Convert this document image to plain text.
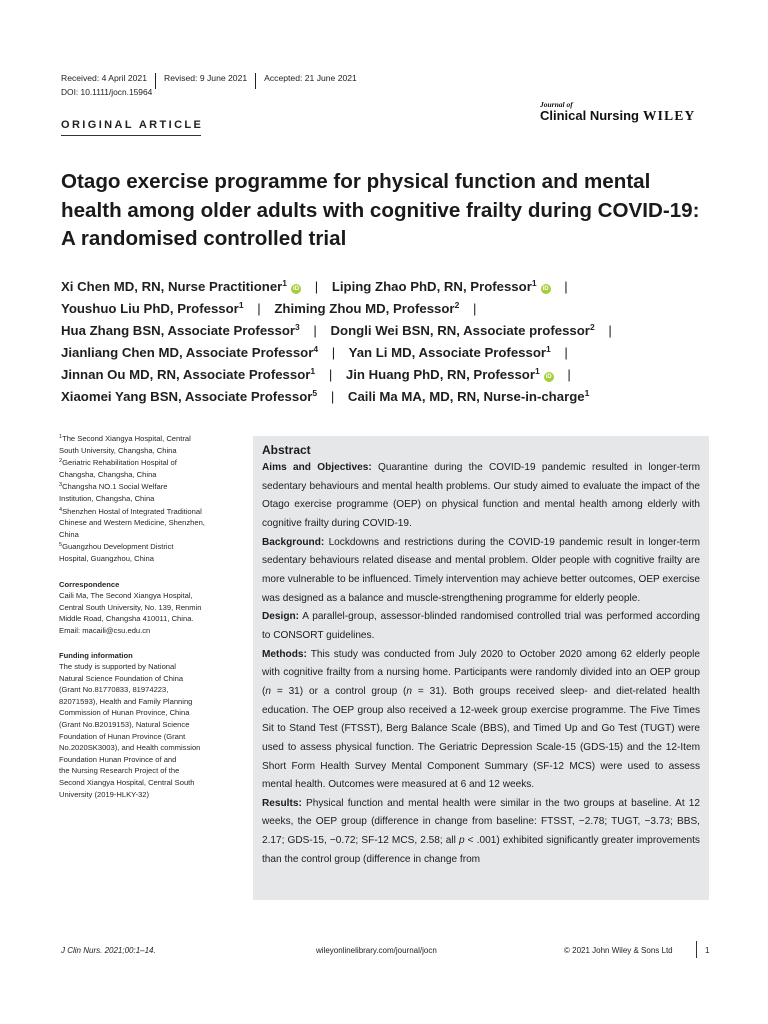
Received: 4 April 2021 Revised: 9 June 2021 Accepted: 21 June 2021
DOI: 10.1111/jocn.15964
ORIGINAL ARTICLE
Journal of
Clinical Nursing WILEY
Otago exercise programme for physical function and mental health among older adults with cognitive frailty during COVID-19: A randomised controlled trial
Xi Chen MD, RN, Nurse Practitioner$^1$iD | Liping Zhao PhD, RN, Professor$^1$iD |
Youshuo Liu PhD, Professor$^1$ | Zhiming Zhou MD, Professor$^2$ |
Hua Zhang BSN, Associate Professor$^3$ | Dongli Wei BSN, RN, Associate professor$^2$ |
Jianliang Chen MD, Associate Professor$^4$ | Yan Li MD, Associate Professor$^1$ |
Jinnan Ou MD, RN, Associate Professor$^1$ | Jin Huang PhD, RN, Professor$^1$iD |
Xiaomei Yang BSN, Associate Professor$^5$ | Caili Ma MA, MD, RN, Nurse-in-charge$^1$
$^1$The Second Xiangya Hospital, Central
South University, Changsha, China
$^2$Geriatric Rehabilitation Hospital of
Changsha, Changsha, China
$^3$Changsha NO.1 Social Welfare
Institution, Changsha, China
$^4$Shenzhen Hostal of Integrated Traditional
Chinese and Western Medicine, Shenzhen,
China
$^5$Guangzhou Development District
Hospital, Guangzhou, China
Correspondence
Caili Ma, The Second Xiangya Hospital,
Central South University, No. 139, Renmin
Middle Road, Changsha 410011, China.
Email: macaili@csu.edu.cn
Funding information
The study is supported by National
Natural Science Foundation of China
(Grant No.81770833, 81974223,
82071593), Health and Family Planning
Commission of Hunan Province, China
(Grant No.B2019153), Natural Science
Foundation of Hunan Province (Grant
No.2020SK3003), and Health commission
Foundation Hunan Province of and
the Nursing Research Project of the
Second Xiangya Hospital, Central South
University (2019-HLKY-32)
Abstract
Aims and Objectives: Quarantine during the COVID-19 pandemic resulted in longer-term sedentary behaviours and mental health problems. Our study aimed to evaluate the impact of the Otago exercise programme (OEP) on physical function and mental health among elderly with cognitive frailty during COVID-19.
Background: Lockdowns and restrictions during the COVID-19 pandemic result in longer-term sedentary behaviours related disease and mental problem. Older people with cognitive frailty are more vulnerable to be influenced. Timely intervention may achieve better outcomes, OEP exercise was designed as a balance and muscle-strengthening programme for elderly people.
Design: A parallel-group, assessor-blinded randomised controlled trial was performed according to CONSORT guidelines.
Methods: This study was conducted from July 2020 to October 2020 among 62 elderly people with cognitive frailty from a nursing home. Participants were randomly divided into an OEP group (n = 31) or a control group (n = 31). Both groups received sleep- and diet-related health education. The OEP group also received a 12-week group exercise programme. The Five Times Sit to Stand Test (FTSST), Berg Balance Scale (BBS), and Timed Up and Go Test (TUGT) were used to assess physical function. The Geriatric Depression Scale-15 (GDS-15) and the 12-Item Short Form Health Survey Mental Component Summary (SF-12 MCS) were used to assess mental health. Outcomes were measured at 6 and 12 weeks.
Results: Physical function and mental health were similar in the two groups at baseline. At 12 weeks, the OEP group (difference in change from baseline: FTSST, −2.78; TUGT, −3.73; BBS, 2.17; GDS-15, −0.72; SF-12 MCS, 2.58; all p < .001) exhibited significantly greater improvements than the control group (difference in change from
J Clin Nurs. 2021;00:1–14.	wileyonlinelibrary.com/journal/jocn	© 2021 John Wiley & Sons Ltd	1
